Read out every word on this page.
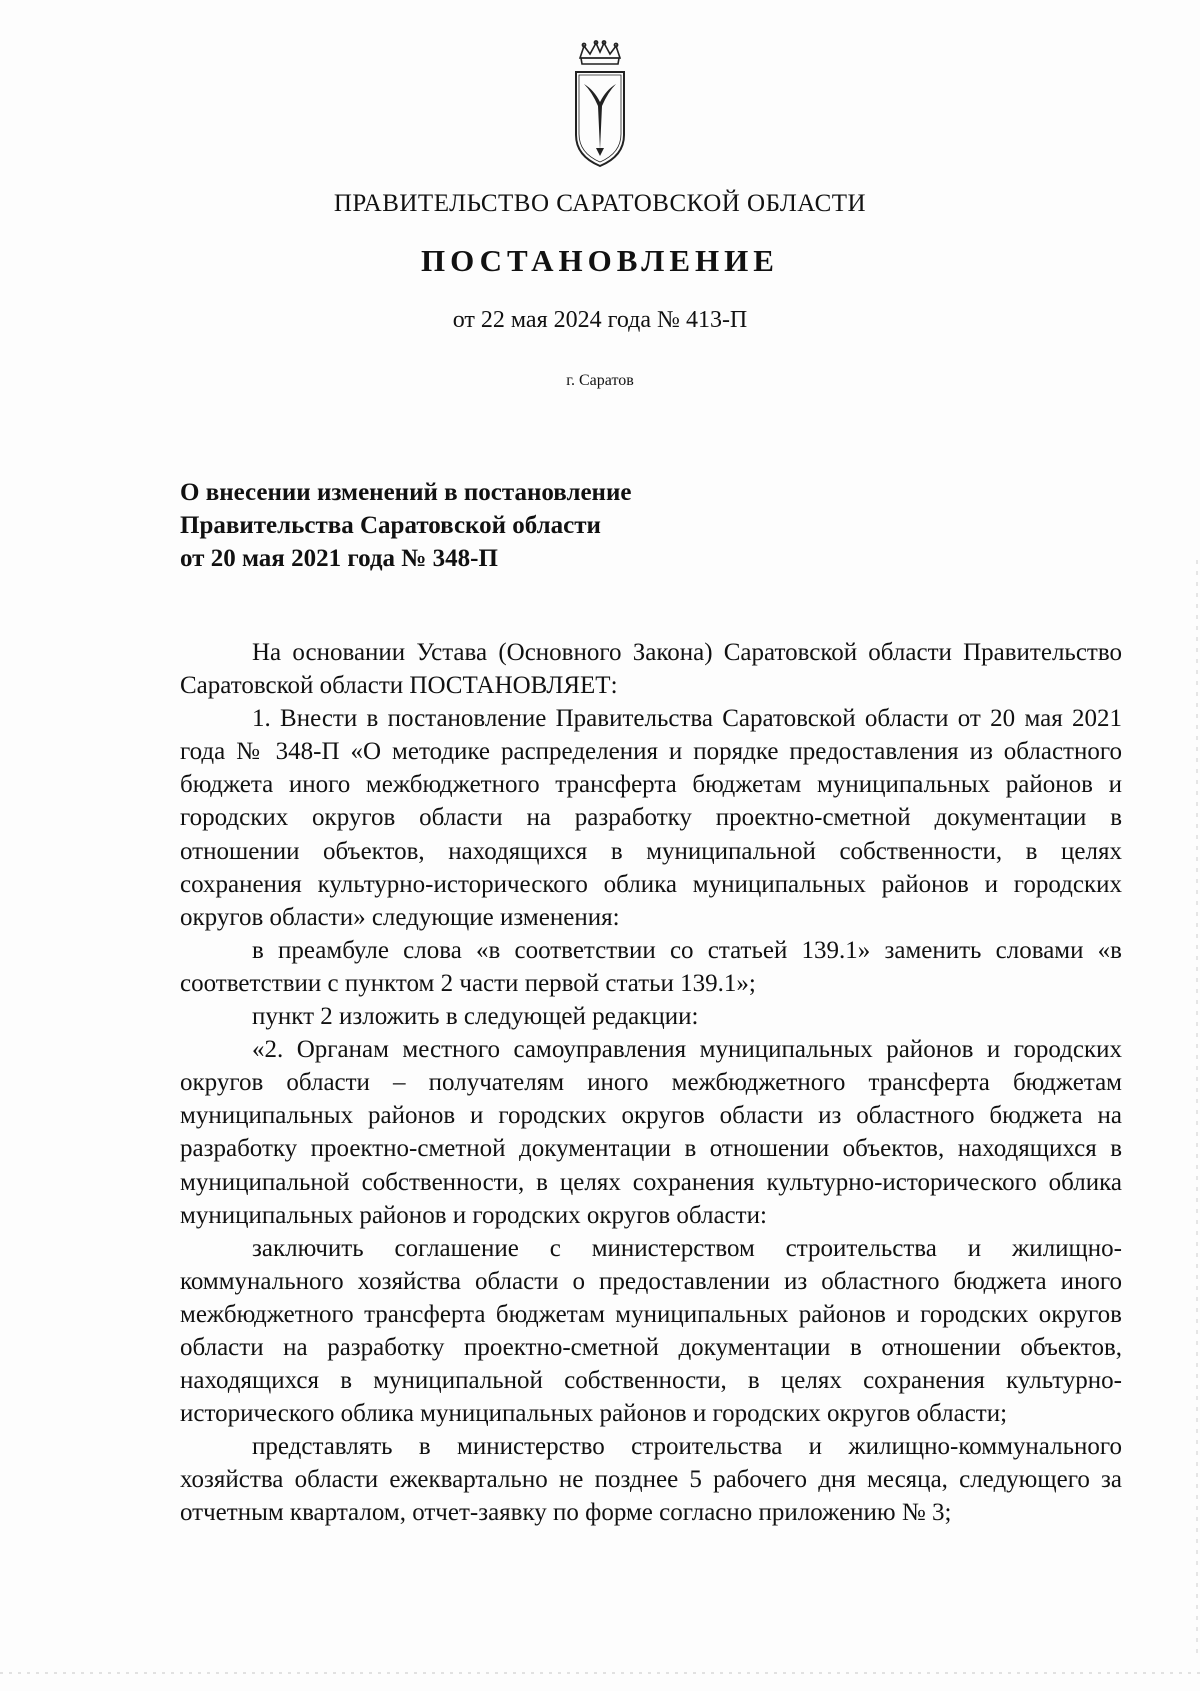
ПРАВИТЕЛЬСТВО САРАТОВСКОЙ ОБЛАСТИ
ПОСТАНОВЛЕНИЕ
от 22 мая 2024 года № 413-П
г. Саратов
О внесении изменений в постановление
Правительства Саратовской области
от 20 мая 2021 года № 348-П

На основании Устава (Основного Закона) Саратовской области Правительство Саратовской области ПОСТАНОВЛЯЕТ:

1. Внести в постановление Правительства Саратовской области от 20 мая 2021 года № 348-П «О методике распределения и порядке предоставления из областного бюджета иного межбюджетного трансферта бюджетам муниципальных районов и городских округов области на разработку проектно-сметной документации в отношении объектов, находящихся в муниципальной собственности, в целях сохранения культурно-исторического облика муниципальных районов и городских округов области» следующие изменения:

в преамбуле слова «в соответствии со статьей 139.1» заменить словами «в соответствии с пунктом 2 части первой статьи 139.1»;

пункт 2 изложить в следующей редакции:

«2. Органам местного самоуправления муниципальных районов и городских округов области – получателям иного межбюджетного трансферта бюджетам муниципальных районов и городских округов области из областного бюджета на разработку проектно-сметной документации в отношении объектов, находящихся в муниципальной собственности, в целях сохранения культурно-исторического облика муниципальных районов и городских округов области:

заключить соглашение с министерством строительства и жилищно-коммунального хозяйства области о предоставлении из областного бюджета иного межбюджетного трансферта бюджетам муниципальных районов и городских округов области на разработку проектно-сметной документации в отношении объектов, находящихся в муниципальной собственности, в целях сохранения культурно-исторического облика муниципальных районов и городских округов области;

представлять в министерство строительства и жилищно-коммунального хозяйства области ежеквартально не позднее 5 рабочего дня месяца, следующего за отчетным кварталом, отчет-заявку по форме согласно приложению № 3;
